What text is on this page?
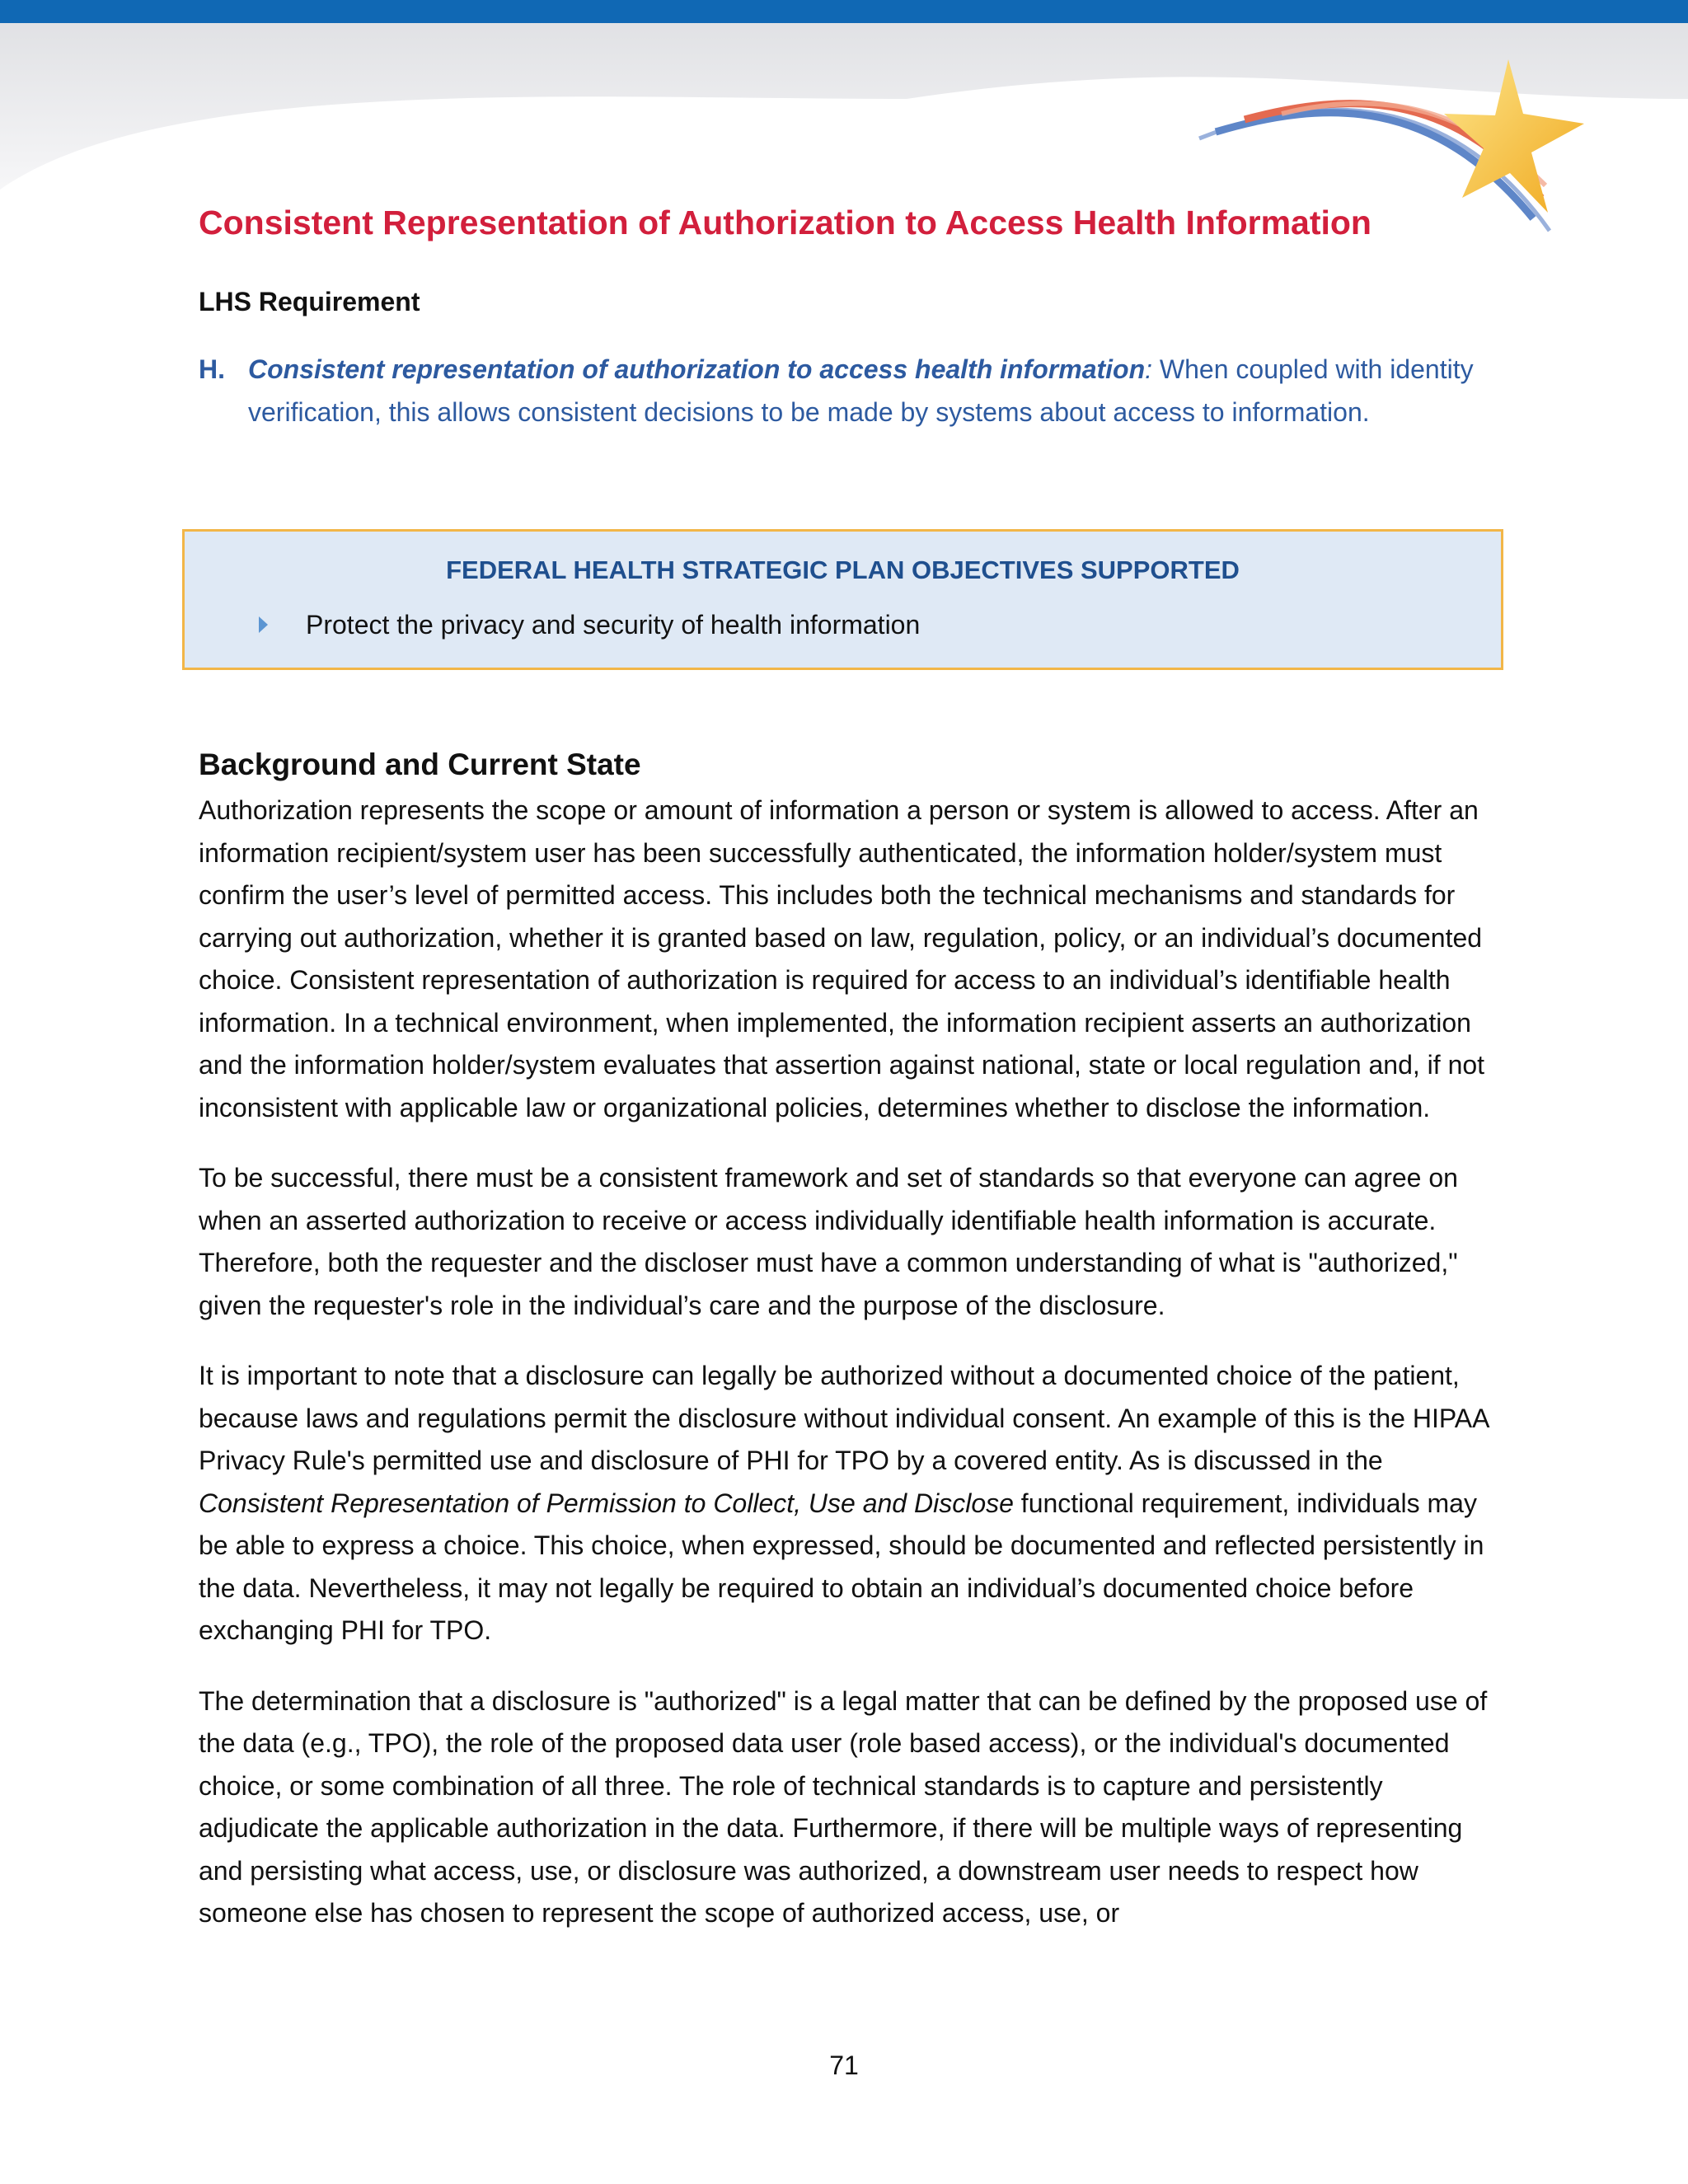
Consistent Representation of Authorization to Access Health Information
LHS Requirement
H. Consistent representation of authorization to access health information: When coupled with identity verification, this allows consistent decisions to be made by systems about access to information.
FEDERAL HEALTH STRATEGIC PLAN OBJECTIVES SUPPORTED
Protect the privacy and security of health information
Background and Current State

Authorization represents the scope or amount of information a person or system is allowed to access. After an information recipient/system user has been successfully authenticated, the information holder/system must confirm the user’s level of permitted access. This includes both the technical mechanisms and standards for carrying out authorization, whether it is granted based on law, regulation, policy, or an individual’s documented choice. Consistent representation of authorization is required for access to an individual’s identifiable health information. In a technical environment, when implemented, the information recipient asserts an authorization and the information holder/system evaluates that assertion against national, state or local regulation and, if not inconsistent with applicable law or organizational policies, determines whether to disclose the information.

To be successful, there must be a consistent framework and set of standards so that everyone can agree on when an asserted authorization to receive or access individually identifiable health information is accurate. Therefore, both the requester and the discloser must have a common understanding of what is "authorized," given the requester's role in the individual’s care and the purpose of the disclosure.

It is important to note that a disclosure can legally be authorized without a documented choice of the patient, because laws and regulations permit the disclosure without individual consent. An example of this is the HIPAA Privacy Rule's permitted use and disclosure of PHI for TPO by a covered entity. As is discussed in the Consistent Representation of Permission to Collect, Use and Disclose functional requirement, individuals may be able to express a choice. This choice, when expressed, should be documented and reflected persistently in the data. Nevertheless, it may not legally be required to obtain an individual’s documented choice before exchanging PHI for TPO.

The determination that a disclosure is "authorized" is a legal matter that can be defined by the proposed use of the data (e.g., TPO), the role of the proposed data user (role based access), or the individual's documented choice, or some combination of all three. The role of technical standards is to capture and persistently adjudicate the applicable authorization in the data. Furthermore, if there will be multiple ways of representing and persisting what access, use, or disclosure was authorized, a downstream user needs to respect how someone else has chosen to represent the scope of authorized access, use, or

71
